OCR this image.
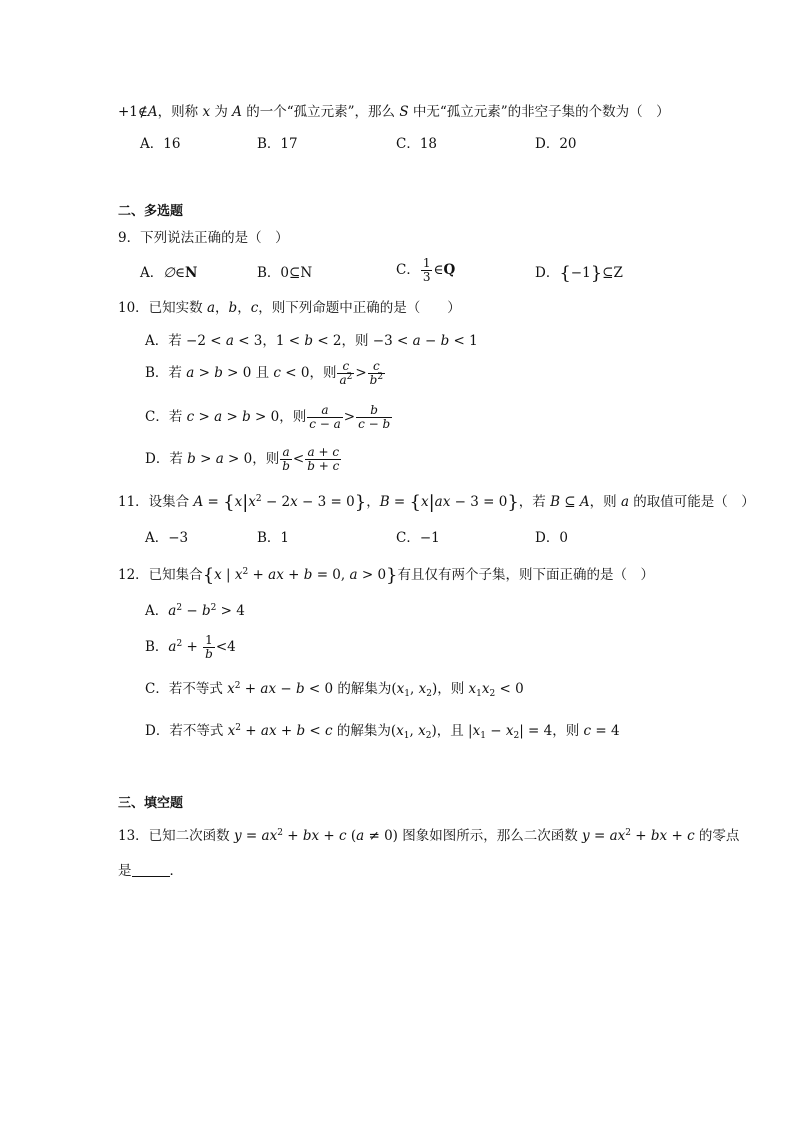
+1∉A，则称 x 为 A 的一个“孤立元素”，那么 S 中无“孤立元素”的非空子集的个数为（　）
A．16	B．17	C．18	D．20
二、多选题
9．下列说法正确的是（　）
A．∅∈N	B．0⊆N	C． $\frac{1}{3}$ ∈Q	D．{−1}⊆Z
10．已知实数 a，b，c，则下列命题中正确的是（　　）
A．若 −2 < a < 3，1 < b < 2，则 −3 < a − b < 1
B．若 a > b > 0 且 c < 0，则 $\frac{c}{a^2} > \frac{c}{b^2}$
C．若 c > a > b > 0，则 $\frac{a}{c - a} > \frac{b}{c - b}$
D．若 b > a > 0，则 $\frac{a}{b} < \frac{a + c}{b + c}$
11．设集合 $A = \{x|x^2 - 2x - 3 = 0\}$，B = {x|ax − 3 = 0}，若 B ⊆ A，则 a 的取值可能是（　）
A．−3	B．1	C．−1	D．0
12．已知集合{x | $x^2$ + ax + b = 0, a > 0}有且仅有两个子集，则下面正确的是（　）
A．$a^2 - b^2 > 4$
B．$a^2 + \frac{1}{b} <4$
C．若不等式 $x^2$ + ax − b < 0 的解集为($x_1$, $x_2$)，则 $x_1x_2 < 0$
D．若不等式 $x^2$ + ax + b < c 的解集为($x_1$, $x_2$)，且 $|x_1 - x_2| = 4$，则 c = 4
三、填空题
13．已知二次函数 $y = ax^2$ + bx + c (a ≠ 0) 图象如图所示，那么二次函数 $y = ax^2$ + bx + c 的零点
是	．
